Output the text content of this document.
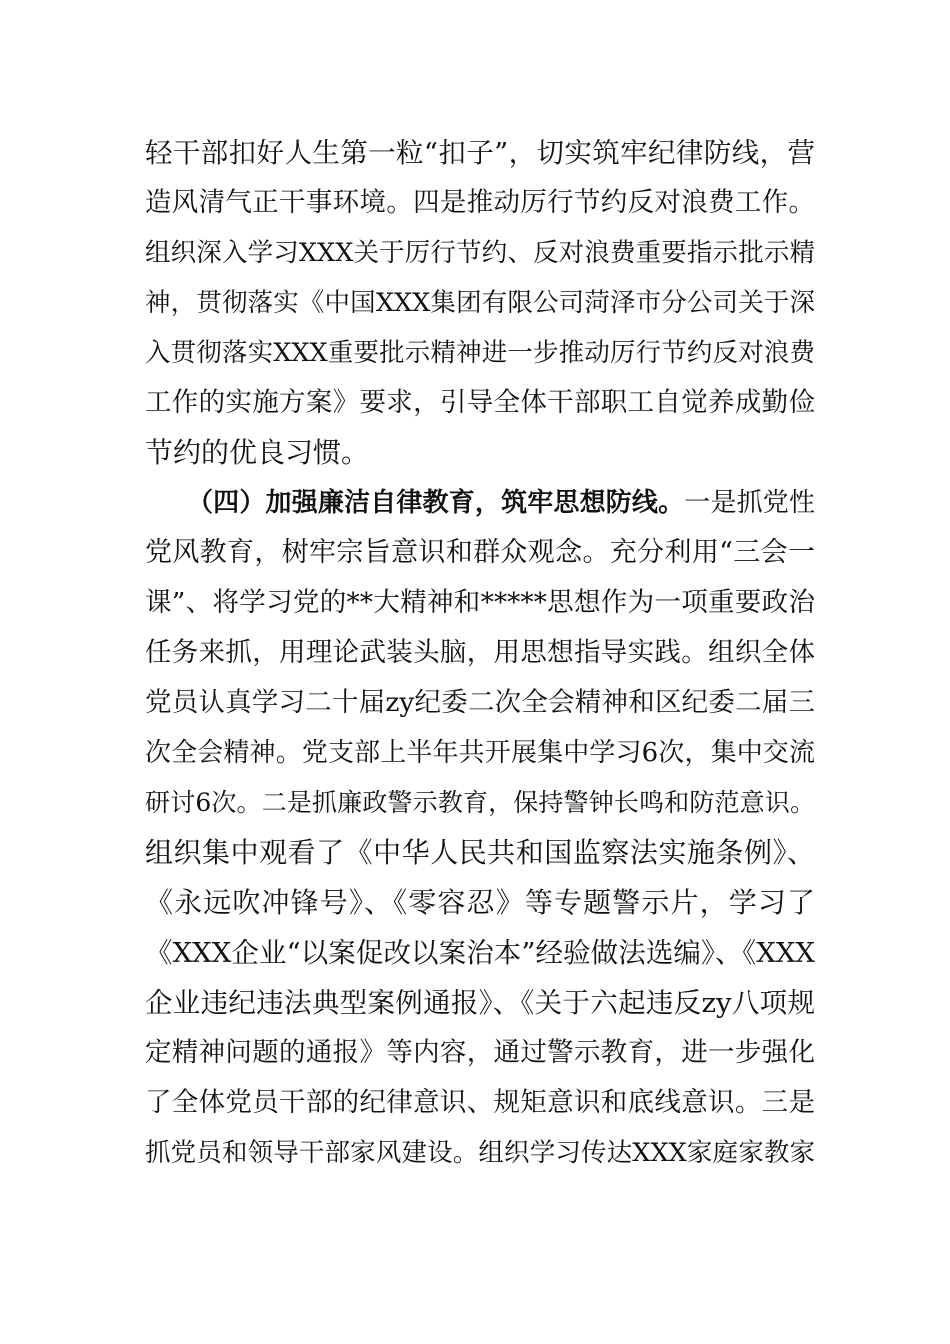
轻干部扣好人生第一粒“扣子”，切实筑牢纪律防线，营
造风清气正干事环境。四是推动厉行节约反对浪费工作。
组织深入学习XXX关于厉行节约、反对浪费重要指示批示精
神，贯彻落实《中国XXX集团有限公司菏泽市分公司关于深
入贯彻落实XXX重要批示精神进一步推动厉行节约反对浪费
工作的实施方案》要求，引导全体干部职工自觉养成勤俭
节约的优良习惯。
（四）加强廉洁自律教育，筑牢思想防线。一是抓党性
党风教育，树牢宗旨意识和群众观念。充分利用“三会一
课”、将学习党的**大精神和*****思想作为一项重要政治
任务来抓，用理论武装头脑，用思想指导实践。组织全体
党员认真学习二十届zy纪委二次全会精神和区纪委二届三
次全会精神。党支部上半年共开展集中学习6次，集中交流
研讨6次。二是抓廉政警示教育，保持警钟长鸣和防范意识。
组织集中观看了《中华人民共和国监察法实施条例》、
《永远吹冲锋号》、《零容忍》等专题警示片，学习了
《XXX企业“以案促改以案治本”经验做法选编》、《XXX
企业违纪违法典型案例通报》、《关于六起违反zy八项规
定精神问题的通报》等内容，通过警示教育，进一步强化
了全体党员干部的纪律意识、规矩意识和底线意识。三是
抓党员和领导干部家风建设。组织学习传达XXX家庭家教家
